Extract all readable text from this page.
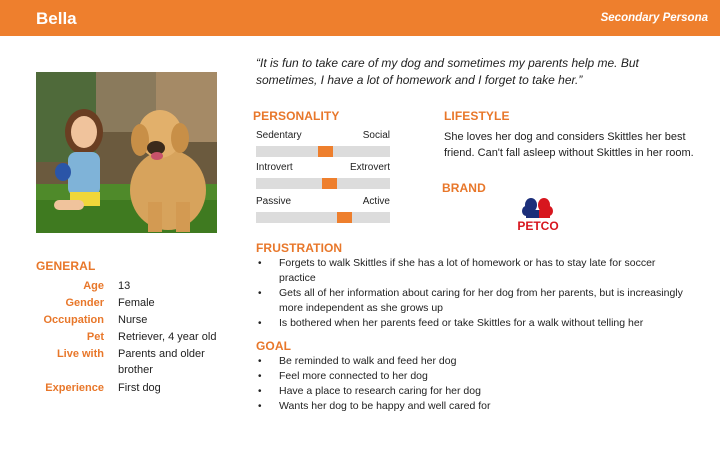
Bella	Secondary Persona
“It is fun to take care of my dog and sometimes my parents help me. But sometimes, I have a lot of homework and I forget to take her.”
GENERAL
Age 13
Gender Female
Occupation Nurse
Pet Retriever, 4 year old
Live with Parents and older brother
Experience First dog
PERSONALITY
Sedentary	Social
Introvert	Extrovert
Passive	Active
LIFESTYLE
She loves her dog and considers Skittles her best friend. Can't fall asleep without Skittles in her room.
BRAND
PETCO
FRUSTRATION
• Forgets to walk Skittles if she has a lot of homework or has to stay late for soccer practice
• Gets all of her information about caring for her dog from her parents, but is increasingly more independent as she grows up
• Is bothered when her parents feed or take Skittles for a walk without telling her
GOAL
• Be reminded to walk and feed her dog
• Feel more connected to her dog
• Have a place to research caring for her dog
• Wants her dog to be happy and well cared for
